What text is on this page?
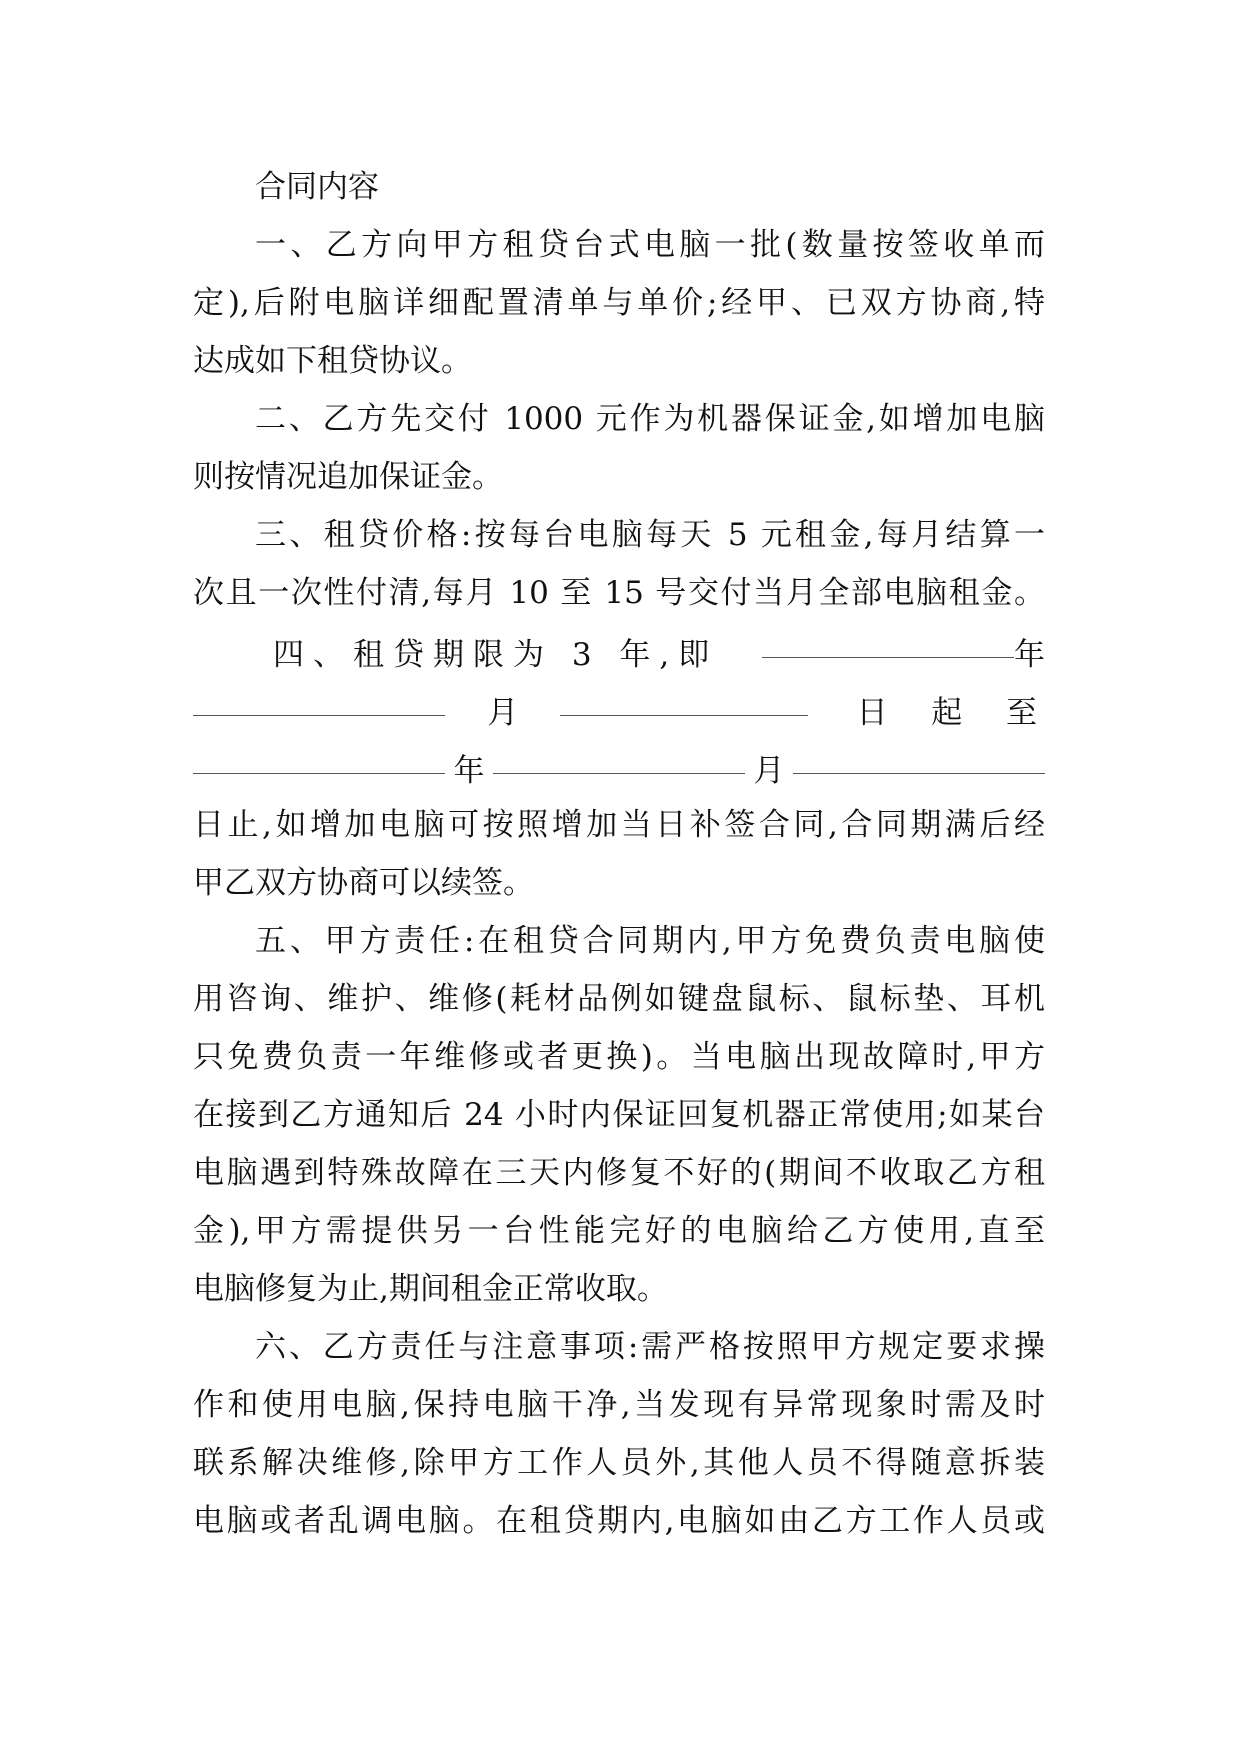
合同内容
一、乙方向甲方租贷台式电脑一批(数量按签收单而
定),后附电脑详细配置清单与单价;经甲、已双方协商,特
达成如下租贷协议。
二、乙方先交付 1000 元作为机器保证金,如增加电脑
则按情况追加保证金。
三、租贷价格:按每台电脑每天 5 元租金,每月结算一
次且一次性付清,每月 10 至 15 号交付当月全部电脑租金。
四、租贷期限为 3 年,即	年
月	日  起  至
年	月
日止,如增加电脑可按照增加当日补签合同,合同期满后经
甲乙双方协商可以续签。
五、甲方责任:在租贷合同期内,甲方免费负责电脑使
用咨询、维护、维修(耗材品例如键盘鼠标、鼠标垫、耳机
只免费负责一年维修或者更换)。当电脑出现故障时,甲方
在接到乙方通知后 24 小时内保证回复机器正常使用;如某台
电脑遇到特殊故障在三天内修复不好的(期间不收取乙方租
金),甲方需提供另一台性能完好的电脑给乙方使用,直至
电脑修复为止,期间租金正常收取。
六、乙方责任与注意事项:需严格按照甲方规定要求操
作和使用电脑,保持电脑干净,当发现有异常现象时需及时
联系解决维修,除甲方工作人员外,其他人员不得随意拆装
电脑或者乱调电脑。在租贷期内,电脑如由乙方工作人员或
